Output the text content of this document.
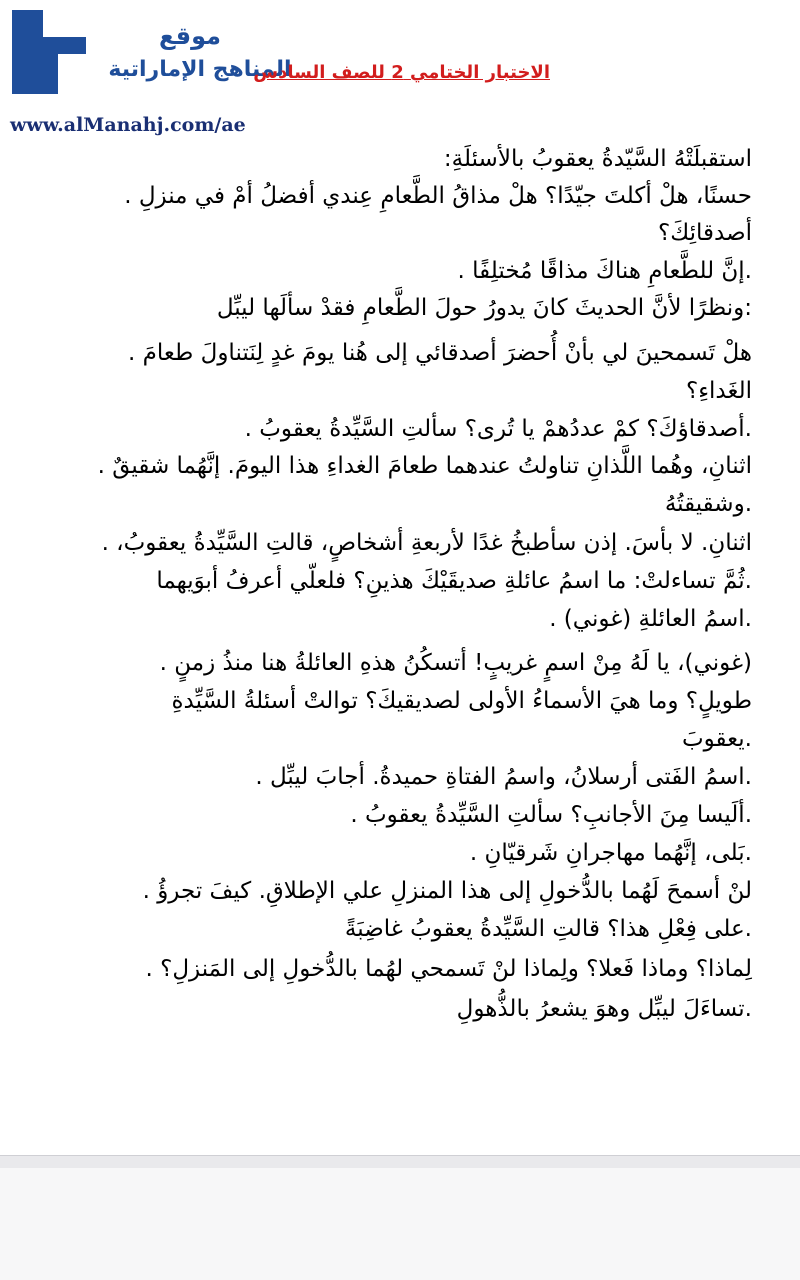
موقع
المناهج الإماراتية
الاختبار الختامي 2 للصف السادس
www.alManahj.com/ae
استقبلَتْهُ السَّيّدةُ يعقوبُ بالأسئلَةِ:
حسنًا، هلْ أكلتَ جيّدًا؟ هلْ مذاقُ الطَّعامِ عِندي أفضلُ أمْ في منزلِ .
أصدقائِكَ؟
.إنَّ للطَّعامِ هناكَ مذاقًا مُختلِفًا .
:ونظرًا لأنَّ الحديثَ كانَ يدورُ حولَ الطَّعامِ فقدْ سألَها ليبِّل
هلْ تَسمحينَ لي بأنْ أُحضرَ أصدقائي إلى هُنا يومَ غدٍ لِنَتناولَ طعامَ .
الغَداءِ؟
.أصدقاؤكَ؟ كمْ عددُهمْ يا تُرى؟ سألتِ السَّيِّدةُ يعقوبُ .
اثنانِ، وهُما اللَّذانِ تناولتُ عندهما طعامَ الغداءِ هذا اليومَ. إنَّهُما شقيقٌ .
.وشقيقتُهُ
اثنانِ. لا بأسَ. إذن سأطبخُ غدًا لأربعةِ أشخاصٍ، قالتِ السَّيِّدةُ يعقوبُ، .
.ثُمَّ تساءلتْ: ما اسمُ عائلةِ صديقَيْكَ هذينِ؟ فلعلّي أعرفُ أبوَيهما
.اسمُ العائلةِ (غوني) .
(غوني)، يا لَهُ مِنْ اسمٍ غريبٍ! أتسكُنُ هذهِ العائلةُ هنا منذُ زمنٍ .
طويلٍ؟ وما هيَ الأسماءُ الأولى لصديقيكَ؟ توالتْ أسئلةُ السَّيِّدةِ
.يعقوبَ
.اسمُ الفَتى أرسلانُ، واسمُ الفتاةِ حميدةُ. أجابَ ليبِّل .
.ألَيسا مِنَ الأجانبِ؟ سألتِ السَّيِّدةُ يعقوبُ .
.بَلى، إنَّهُما مهاجرانِ شَرقيّانِ .
لنْ أسمحَ لَهُما بالدُّخولِ إلى هذا المنزلِ علي الإطلاقِ. كيفَ تجرؤُ .
.على فِعْلِ هذا؟ قالتِ السَّيِّدةُ يعقوبُ غاضِبَةً
لِماذا؟ وماذا فَعلا؟ ولِماذا لنْ تَسمحي لهُما بالدُّخولِ إلى المَنزلِ؟ .
.تساءَلَ ليبِّل وهوَ يشعرُ بالذُّهولِ
